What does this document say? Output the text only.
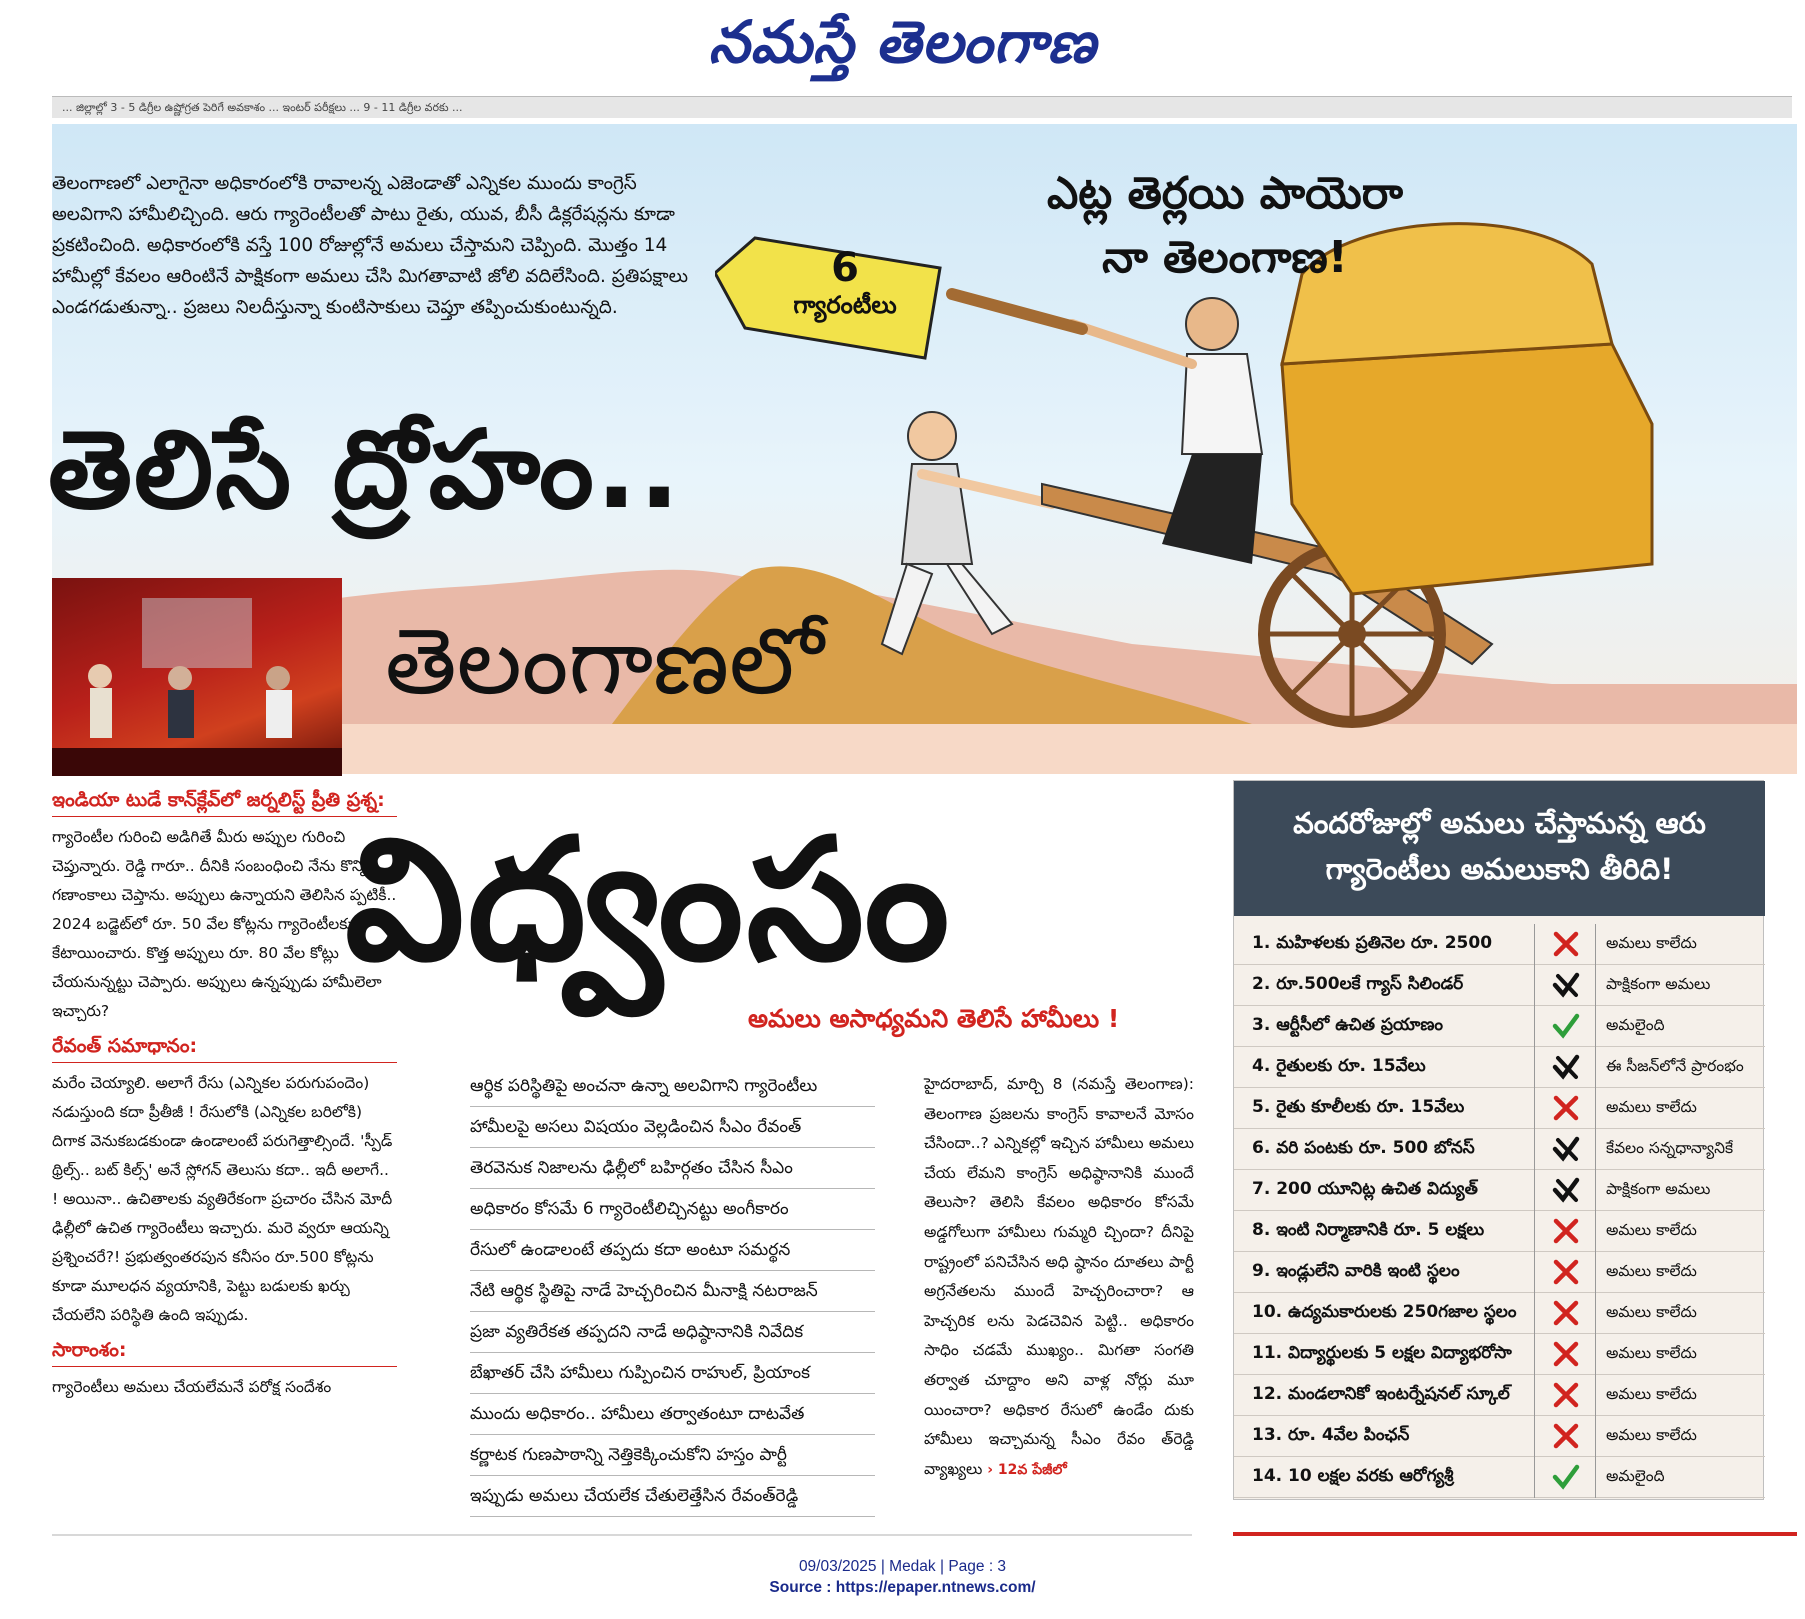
నమస్తే తెలంగాణ
... జిల్లాల్లో 3 - 5 డిగ్రీల ఉష్ణోగ్రత పెరిగే అవకాశం ... ఇంటర్ పరీక్షలు ... 9 - 11 డిగ్రీల వరకు ...
6
గ్యారంటీలు
ఎట్ల తెర్లయి పాయెరా
నా తెలంగాణ!
తెలంగాణలో ఎలాగైనా అధికారంలోకి రావాలన్న ఎజెండాతో ఎన్నికల ముందు కాంగ్రెస్ అలవిగాని హామీలిచ్చింది. ఆరు గ్యారెంటీలతో పాటు రైతు, యువ, బీసీ డిక్లరేషన్లను కూడా ప్రకటించింది. అధికారంలోకి వస్తే 100 రోజుల్లోనే అమలు చేస్తామని చెప్పింది. మొత్తం 14 హామీల్లో కేవలం ఆరింటినే పాక్షికంగా అమలు చేసి మిగతావాటి జోలి వదిలేసింది. ప్రతిపక్షాలు ఎండగడుతున్నా.. ప్రజలు నిలదీస్తున్నా కుంటిసాకులు చెప్తూ తప్పించుకుంటున్నది.
తెలిసే ద్రోహం..
తెలంగాణలో
ఇండియా టుడే కాన్‌క్లేవ్‌లో జర్నలిస్ట్ ప్రీతి ప్రశ్న:

గ్యారెంటీల గురించి అడిగితే మీరు అప్పుల గురించి చెప్తున్నారు. రెడ్డి గారూ.. దీనికి సంబంధించి నేను కొన్ని గణాంకాలు చెప్తాను. అప్పులు ఉన్నాయని తెలిసిన ప్పటికీ.. 2024 బడ్జెట్‌లో రూ. 50 వేల కోట్లను గ్యారెంటీలకు కేటాయించారు. కొత్త అప్పులు రూ. 80 వేల కోట్లు చేయనున్నట్టు చెప్పారు. అప్పులు ఉన్నప్పుడు హామీలెలా ఇచ్చారు?

రేవంత్ సమాధానం:

మరేం చెయ్యాలి. అలాగే రేసు (ఎన్నికల పరుగుపందెం) నడుస్తుంది కదా ప్రీతీజీ ! రేసులోకి (ఎన్నికల బరిలోకి) దిగాక వెనుకబడకుండా ఉండాలంటే పరుగెత్తాల్సిందే. 'స్పీడ్ థ్రిల్స్.. బట్ కిల్స్' అనే స్లోగన్ తెలుసు కదా.. ఇదీ అలాగే.. ! అయినా.. ఉచితాలకు వ్యతిరేకంగా ప్రచారం చేసిన మోదీ ఢిల్లీలో ఉచిత గ్యారెంటీలు ఇచ్చారు. మరె వ్వరూ ఆయన్ని ప్రశ్నించరే?! ప్రభుత్వంతరపున కనీసం రూ.500 కోట్లను కూడా మూలధన వ్యయానికి, పెట్టు బడులకు ఖర్చు చేయలేని పరిస్థితి ఉంది ఇప్పుడు.

సారాంశం:

గ్యారెంటీలు అమలు చేయలేమనే పరోక్ష సందేశం

విధ్వంసం
అమలు అసాధ్యమని తెలిసే హామీలు !
ఆర్థిక పరిస్థితిపై అంచనా ఉన్నా అలవిగాని గ్యారెంటీలు
హామీలపై అసలు విషయం వెల్లడించిన సీఎం రేవంత్
తెరవెనుక నిజాలను ఢిల్లీలో బహిర్గతం చేసిన సీఎం
అధికారం కోసమే 6 గ్యారెంటీలిచ్చినట్టు అంగీకారం
రేసులో ఉండాలంటే తప్పదు కదా అంటూ సమర్థన
నేటి ఆర్థిక స్థితిపై నాడే హెచ్చరించిన మీనాక్షి నటరాజన్
ప్రజా వ్యతిరేకత తప్పదని నాడే అధిష్ఠానానికి నివేదిక
బేఖాతర్ చేసి హామీలు గుప్పించిన రాహుల్, ప్రియాంక
ముందు అధికారం.. హామీలు తర్వాతంటూ దాటవేత
కర్ణాటక గుణపాఠాన్ని నెత్తికెక్కించుకోని హస్తం పార్టీ
ఇప్పుడు అమలు చేయలేక చేతులెత్తేసిన రేవంత్‌రెడ్డి
హైదరాబాద్, మార్చి 8 (నమస్తే తెలంగాణ): తెలంగాణ ప్రజలను కాంగ్రెస్ కావాలనే మోసం చేసిందా..? ఎన్నికల్లో ఇచ్చిన హామీలు అమలు చేయ లేమని కాంగ్రెస్ అధిష్ఠానానికి ముందే తెలుసా? తెలిసి కేవలం అధికారం కోసమే అడ్డగోలుగా హామీలు గుమ్మరి చ్చిందా? దీనిపై రాష్ట్రంలో పనిచేసిన అధి ష్ఠానం దూతలు పార్టీ అగ్రనేతలను ముందే హెచ్చరించారా? ఆ హెచ్చరిక లను పెడచెవిన పెట్టి.. అధికారం సాధిం చడమే ముఖ్యం.. మిగతా సంగతి తర్వాత చూద్దాం అని వాళ్ల నోర్లు మూ యించారా? అధికార రేసులో ఉండేం దుకు హామీలు ఇచ్చామన్న సీఎం రేవం త్‌రెడ్డి వ్యాఖ్యలు › 12వ పేజీలో
వందరోజుల్లో అమలు చేస్తామన్న ఆరు గ్యారెంటీలు అమలుకాని తీరిది!
1. మహిళలకు ప్రతినెల రూ. 2500	అమలు కాలేదు
2. రూ.500లకే గ్యాస్ సిలిండర్	పాక్షికంగా అమలు
3. ఆర్టీసీలో ఉచిత ప్రయాణం	అమలైంది
4. రైతులకు రూ. 15వేలు	ఈ సీజన్‌లోనే ప్రారంభం
5. రైతు కూలీలకు రూ. 15వేలు	అమలు కాలేదు
6. వరి పంటకు రూ. 500 బోనస్	కేవలం సన్నధాన్యానికే
7. 200 యూనిట్ల ఉచిత విద్యుత్	పాక్షికంగా అమలు
8. ఇంటి నిర్మాణానికి రూ. 5 లక్షలు	అమలు కాలేదు
9. ఇండ్లులేని వారికి ఇంటి స్థలం	అమలు కాలేదు
10. ఉద్యమకారులకు 250గజాల స్థలం	అమలు కాలేదు
11. విద్యార్థులకు 5 లక్షల విద్యాభరోసా	అమలు కాలేదు
12. మండలానికో ఇంటర్నేషనల్ స్కూల్	అమలు కాలేదు
13. రూ. 4వేల పింఛన్	అమలు కాలేదు
14. 10 లక్షల వరకు ఆరోగ్యశ్రీ	అమలైంది
09/03/2025 | Medak | Page : 3
Source : https://epaper.ntnews.com/
